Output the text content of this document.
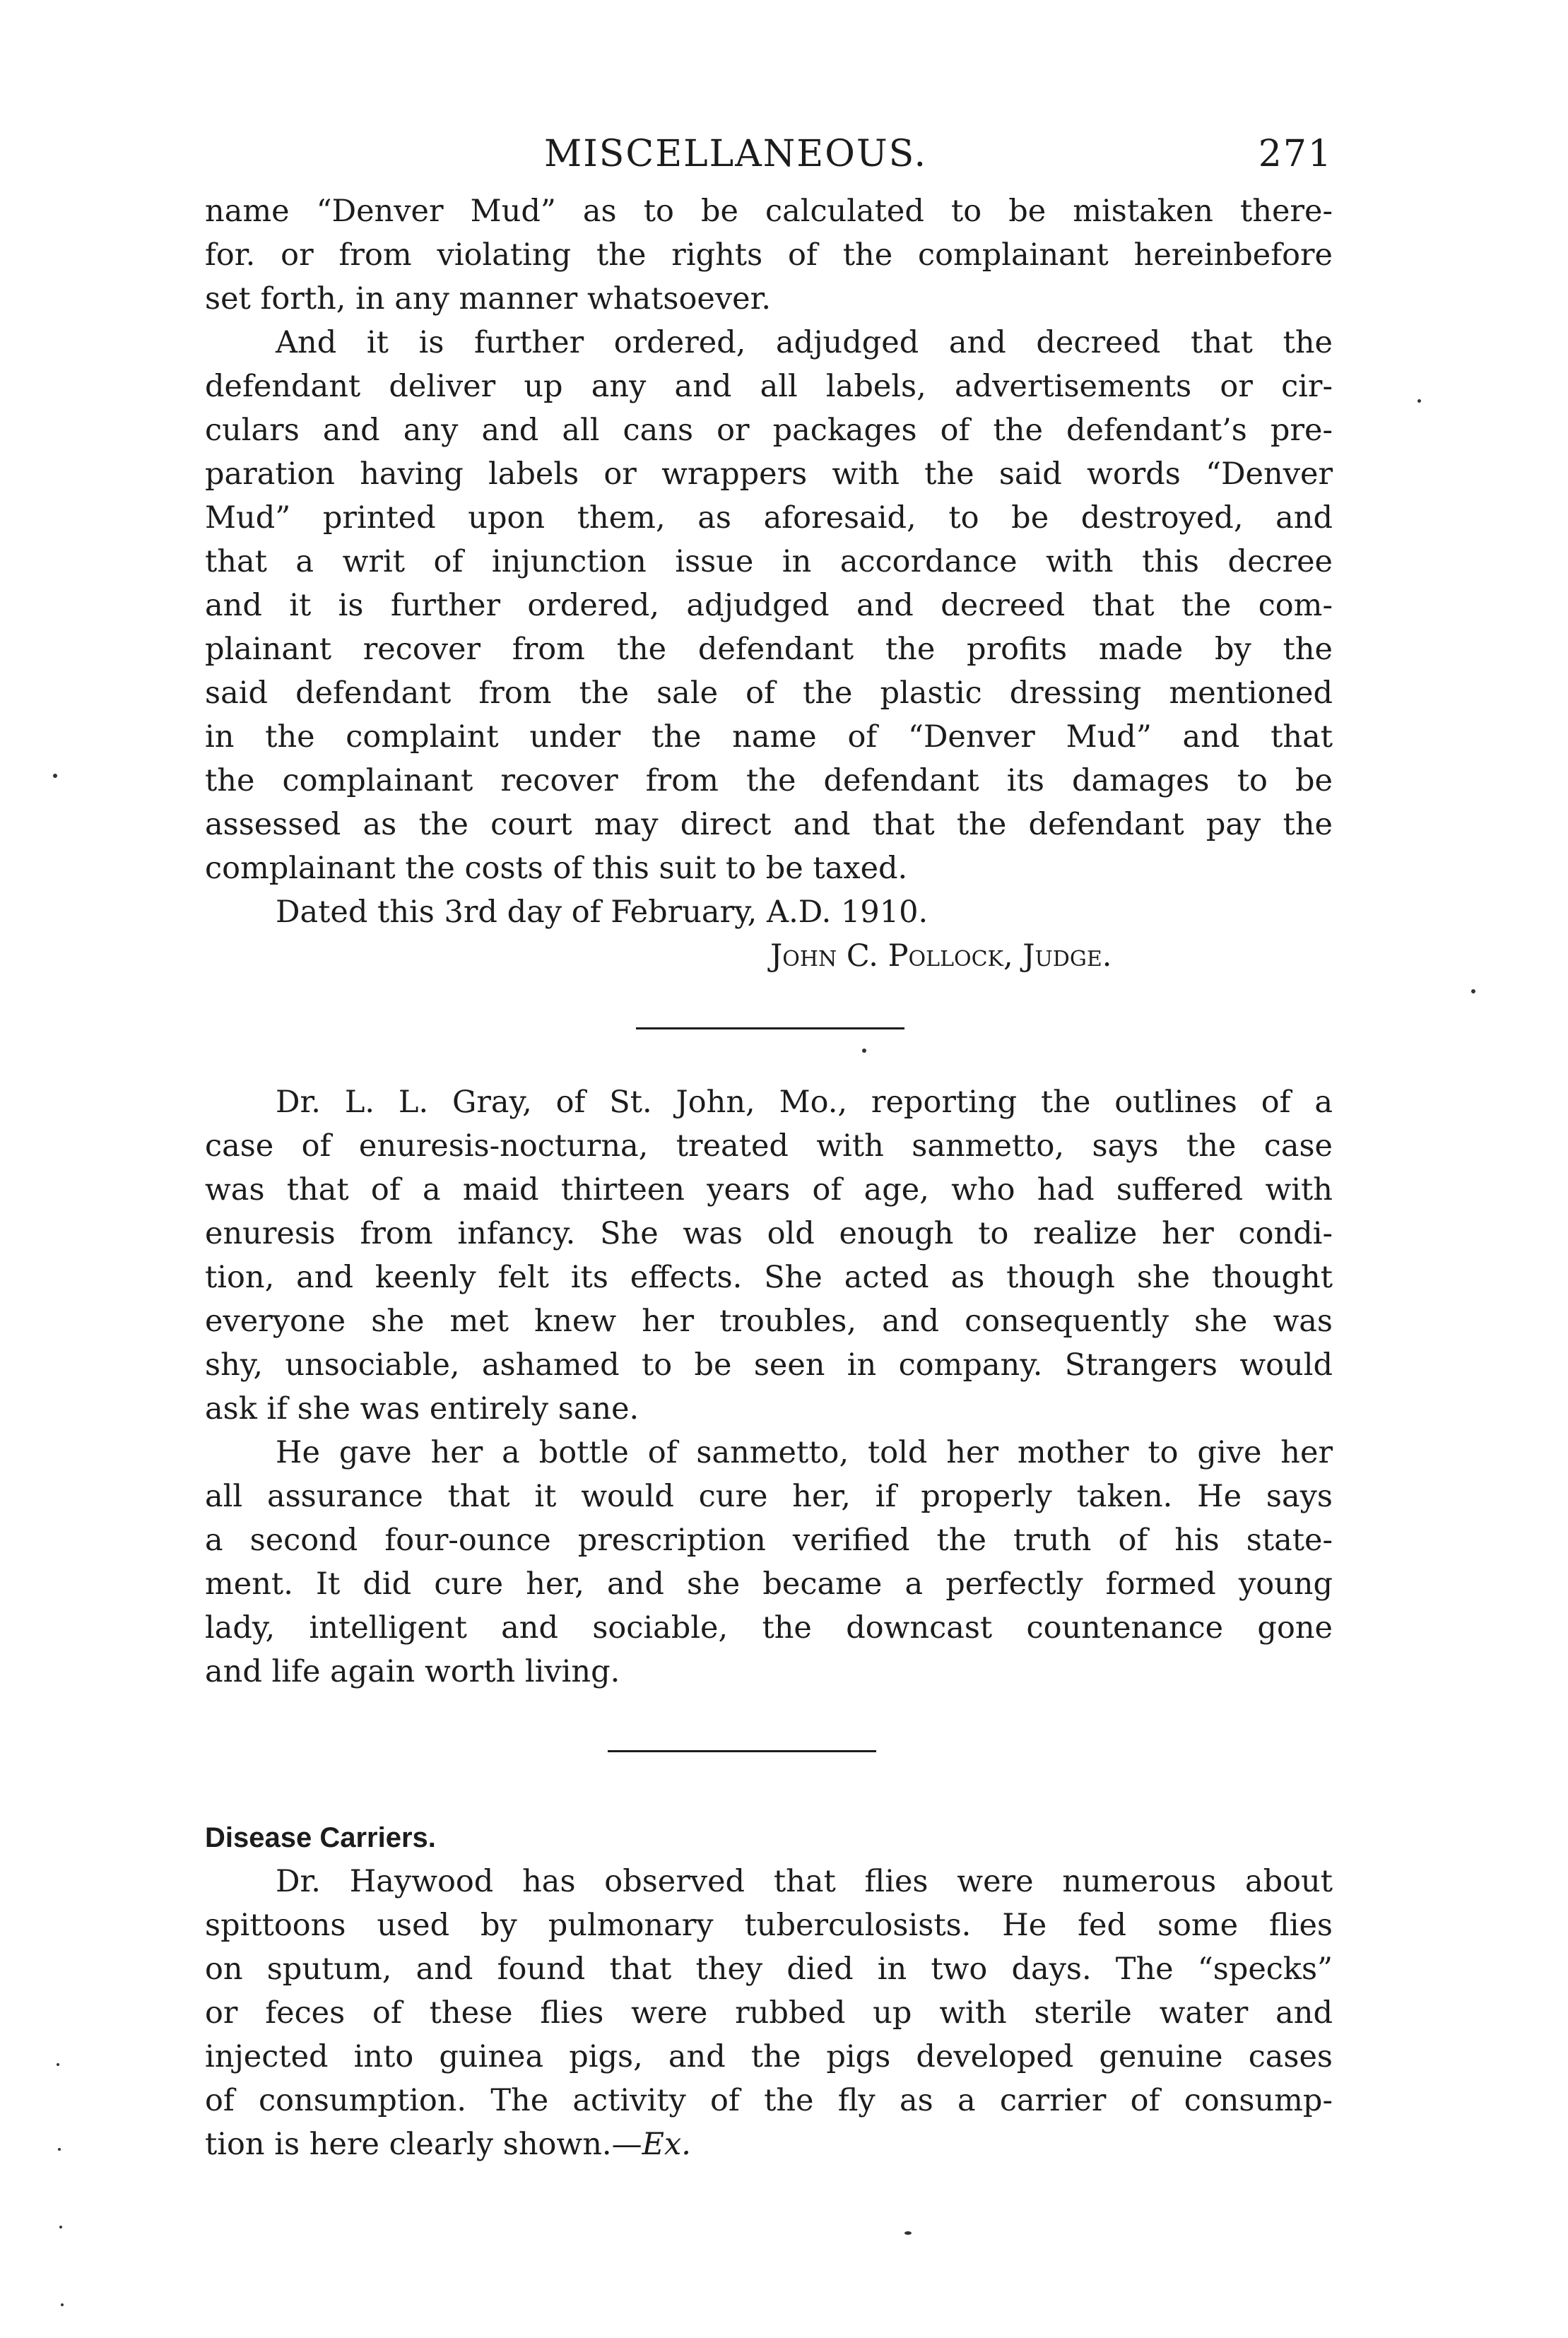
MISCELLANEOUS.	271
name “Denver Mud” as to be calculated to be mistaken there-
for. or from violating the rights of the complainant hereinbefore
set forth, in any manner whatsoever.
And it is further ordered, adjudged and decreed that the
defendant deliver up any and all labels, advertisements or cir-
culars and any and all cans or packages of the defendant’s pre-
paration having labels or wrappers with the said words “Denver
Mud” printed upon them, as aforesaid, to be destroyed, and
that a writ of injunction issue in accordance with this decree
and it is further ordered, adjudged and decreed that the com-
plainant recover from the defendant the profits made by the
said defendant from the sale of the plastic dressing mentioned
in the complaint under the name of “Denver Mud” and that
the complainant recover from the defendant its damages to be
assessed as the court may direct and that the defendant pay the
complainant the costs of this suit to be taxed.
Dated this 3rd day of February, A.D. 1910.
John C. Pollock, Judge.
Dr. L. L. Gray, of St. John, Mo., reporting the outlines of a
case of enuresis-nocturna, treated with sanmetto, says the case
was that of a maid thirteen years of age, who had suffered with
enuresis from infancy. She was old enough to realize her condi-
tion, and keenly felt its effects. She acted as though she thought
everyone she met knew her troubles, and consequently she was
shy, unsociable, ashamed to be seen in company. Strangers would
ask if she was entirely sane.
He gave her a bottle of sanmetto, told her mother to give her
all assurance that it would cure her, if properly taken. He says
a second four-ounce prescription verified the truth of his state-
ment. It did cure her, and she became a perfectly formed young
lady, intelligent and sociable, the downcast countenance gone
and life again worth living.
Disease Carriers.
Dr. Haywood has observed that flies were numerous about
spittoons used by pulmonary tuberculosists. He fed some flies
on sputum, and found that they died in two days. The “specks”
or feces of these flies were rubbed up with sterile water and
injected into guinea pigs, and the pigs developed genuine cases
of consumption. The activity of the fly as a carrier of consump-
tion is here clearly shown.—Ex.
